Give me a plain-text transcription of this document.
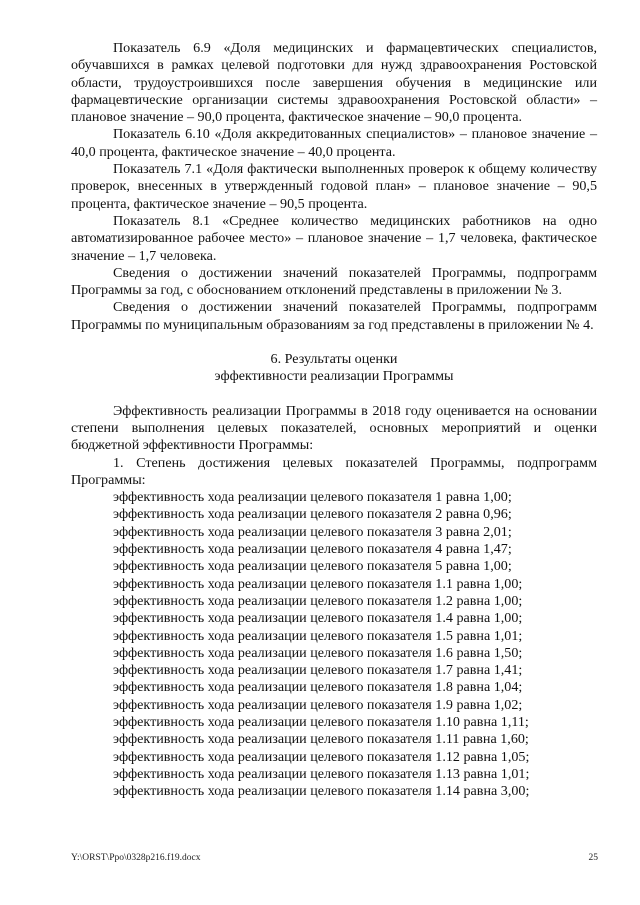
Показатель 6.9 «Доля медицинских и фармацевтических специалистов, обучавшихся в рамках целевой подготовки для нужд здравоохранения Ростовской области, трудоустроившихся после завершения обучения в медицинские или фармацевтические организации системы здравоохранения Ростовской области» – плановое значение – 90,0 процента, фактическое значение – 90,0 процента.

Показатель 6.10 «Доля аккредитованных специалистов» – плановое значение – 40,0 процента, фактическое значение – 40,0 процента.

Показатель 7.1 «Доля фактически выполненных проверок к общему количеству проверок, внесенных в утвержденный годовой план» – плановое значение – 90,5 процента, фактическое значение – 90,5 процента.

Показатель 8.1 «Среднее количество медицинских работников на одно автоматизированное рабочее место» – плановое значение – 1,7 человека, фактическое значение – 1,7 человека.

Сведения о достижении значений показателей Программы, подпрограмм Программы за год, с обоснованием отклонений представлены в приложении № 3.

Сведения о достижении значений показателей Программы, подпрограмм Программы по муниципальным образованиям за год представлены в приложении № 4.

6. Результаты оценки

эффективности реализации Программы

Эффективность реализации Программы в 2018 году оценивается на основании степени выполнения целевых показателей, основных мероприятий и оценки бюджетной эффективности Программы:

1. Степень достижения целевых показателей Программы, подпрограмм Программы:

эффективность хода реализации целевого показателя 1 равна 1,00;

эффективность хода реализации целевого показателя 2 равна 0,96;

эффективность хода реализации целевого показателя 3 равна 2,01;

эффективность хода реализации целевого показателя 4 равна 1,47;

эффективность хода реализации целевого показателя 5 равна 1,00;

эффективность хода реализации целевого показателя 1.1 равна 1,00;

эффективность хода реализации целевого показателя 1.2 равна 1,00;

эффективность хода реализации целевого показателя 1.4 равна 1,00;

эффективность хода реализации целевого показателя 1.5 равна 1,01;

эффективность хода реализации целевого показателя 1.6 равна 1,50;

эффективность хода реализации целевого показателя 1.7 равна 1,41;

эффективность хода реализации целевого показателя 1.8 равна 1,04;

эффективность хода реализации целевого показателя 1.9 равна 1,02;

эффективность хода реализации целевого показателя 1.10 равна 1,11;

эффективность хода реализации целевого показателя 1.11 равна 1,60;

эффективность хода реализации целевого показателя 1.12 равна 1,05;

эффективность хода реализации целевого показателя 1.13 равна 1,01;

эффективность хода реализации целевого показателя 1.14 равна 3,00;

Y:\ORST\Ppo\0328p216.f19.docx	25
